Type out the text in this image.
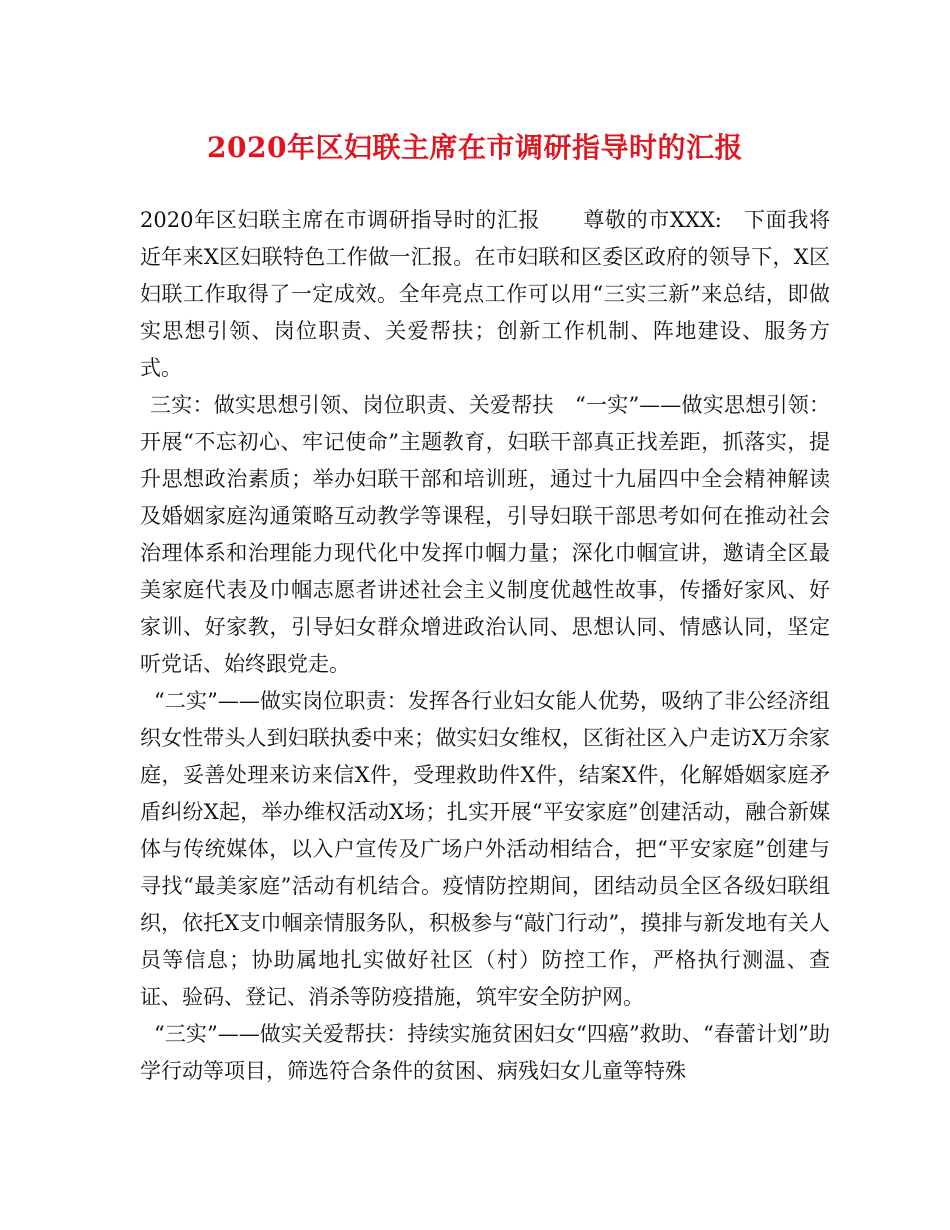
2020年区妇联主席在市调研指导时的汇报

2020年区妇联主席在市调研指导时的汇报　　尊敬的市XXX:　下面我将近年来X区妇联特色工作做一汇报。在市妇联和区委区政府的领导下，X区妇联工作取得了一定成效。全年亮点工作可以用“三实三新”来总结，即做实思想引领、岗位职责、关爱帮扶；创新工作机制、阵地建设、服务方式。

三实：做实思想引领、岗位职责、关爱帮扶　“一实”——做实思想引领：开展“不忘初心、牢记使命”主题教育，妇联干部真正找差距，抓落实，提升思想政治素质；举办妇联干部和培训班，通过十九届四中全会精神解读及婚姻家庭沟通策略互动教学等课程，引导妇联干部思考如何在推动社会治理体系和治理能力现代化中发挥巾帼力量；深化巾帼宣讲，邀请全区最美家庭代表及巾帼志愿者讲述社会主义制度优越性故事，传播好家风、好家训、好家教，引导妇女群众增进政治认同、思想认同、情感认同，坚定听党话、始终跟党走。

“二实”——做实岗位职责：发挥各行业妇女能人优势，吸纳了非公经济组织女性带头人到妇联执委中来；做实妇女维权，区街社区入户走访X万余家庭，妥善处理来访来信X件，受理救助件X件，结案X件，化解婚姻家庭矛盾纠纷X起，举办维权活动X场；扎实开展“平安家庭”创建活动，融合新媒体与传统媒体，以入户宣传及广场户外活动相结合，把“平安家庭”创建与寻找“最美家庭”活动有机结合。疫情防控期间，团结动员全区各级妇联组织，依托X支巾帼亲情服务队，积极参与“敲门行动”，摸排与新发地有关人员等信息；协助属地扎实做好社区（村）防控工作，严格执行测温、查证、验码、登记、消杀等防疫措施，筑牢安全防护网。

“三实”——做实关爱帮扶：持续实施贫困妇女“四癌”救助、“春蕾计划”助学行动等项目，筛选符合条件的贫困、病残妇女儿童等特殊
